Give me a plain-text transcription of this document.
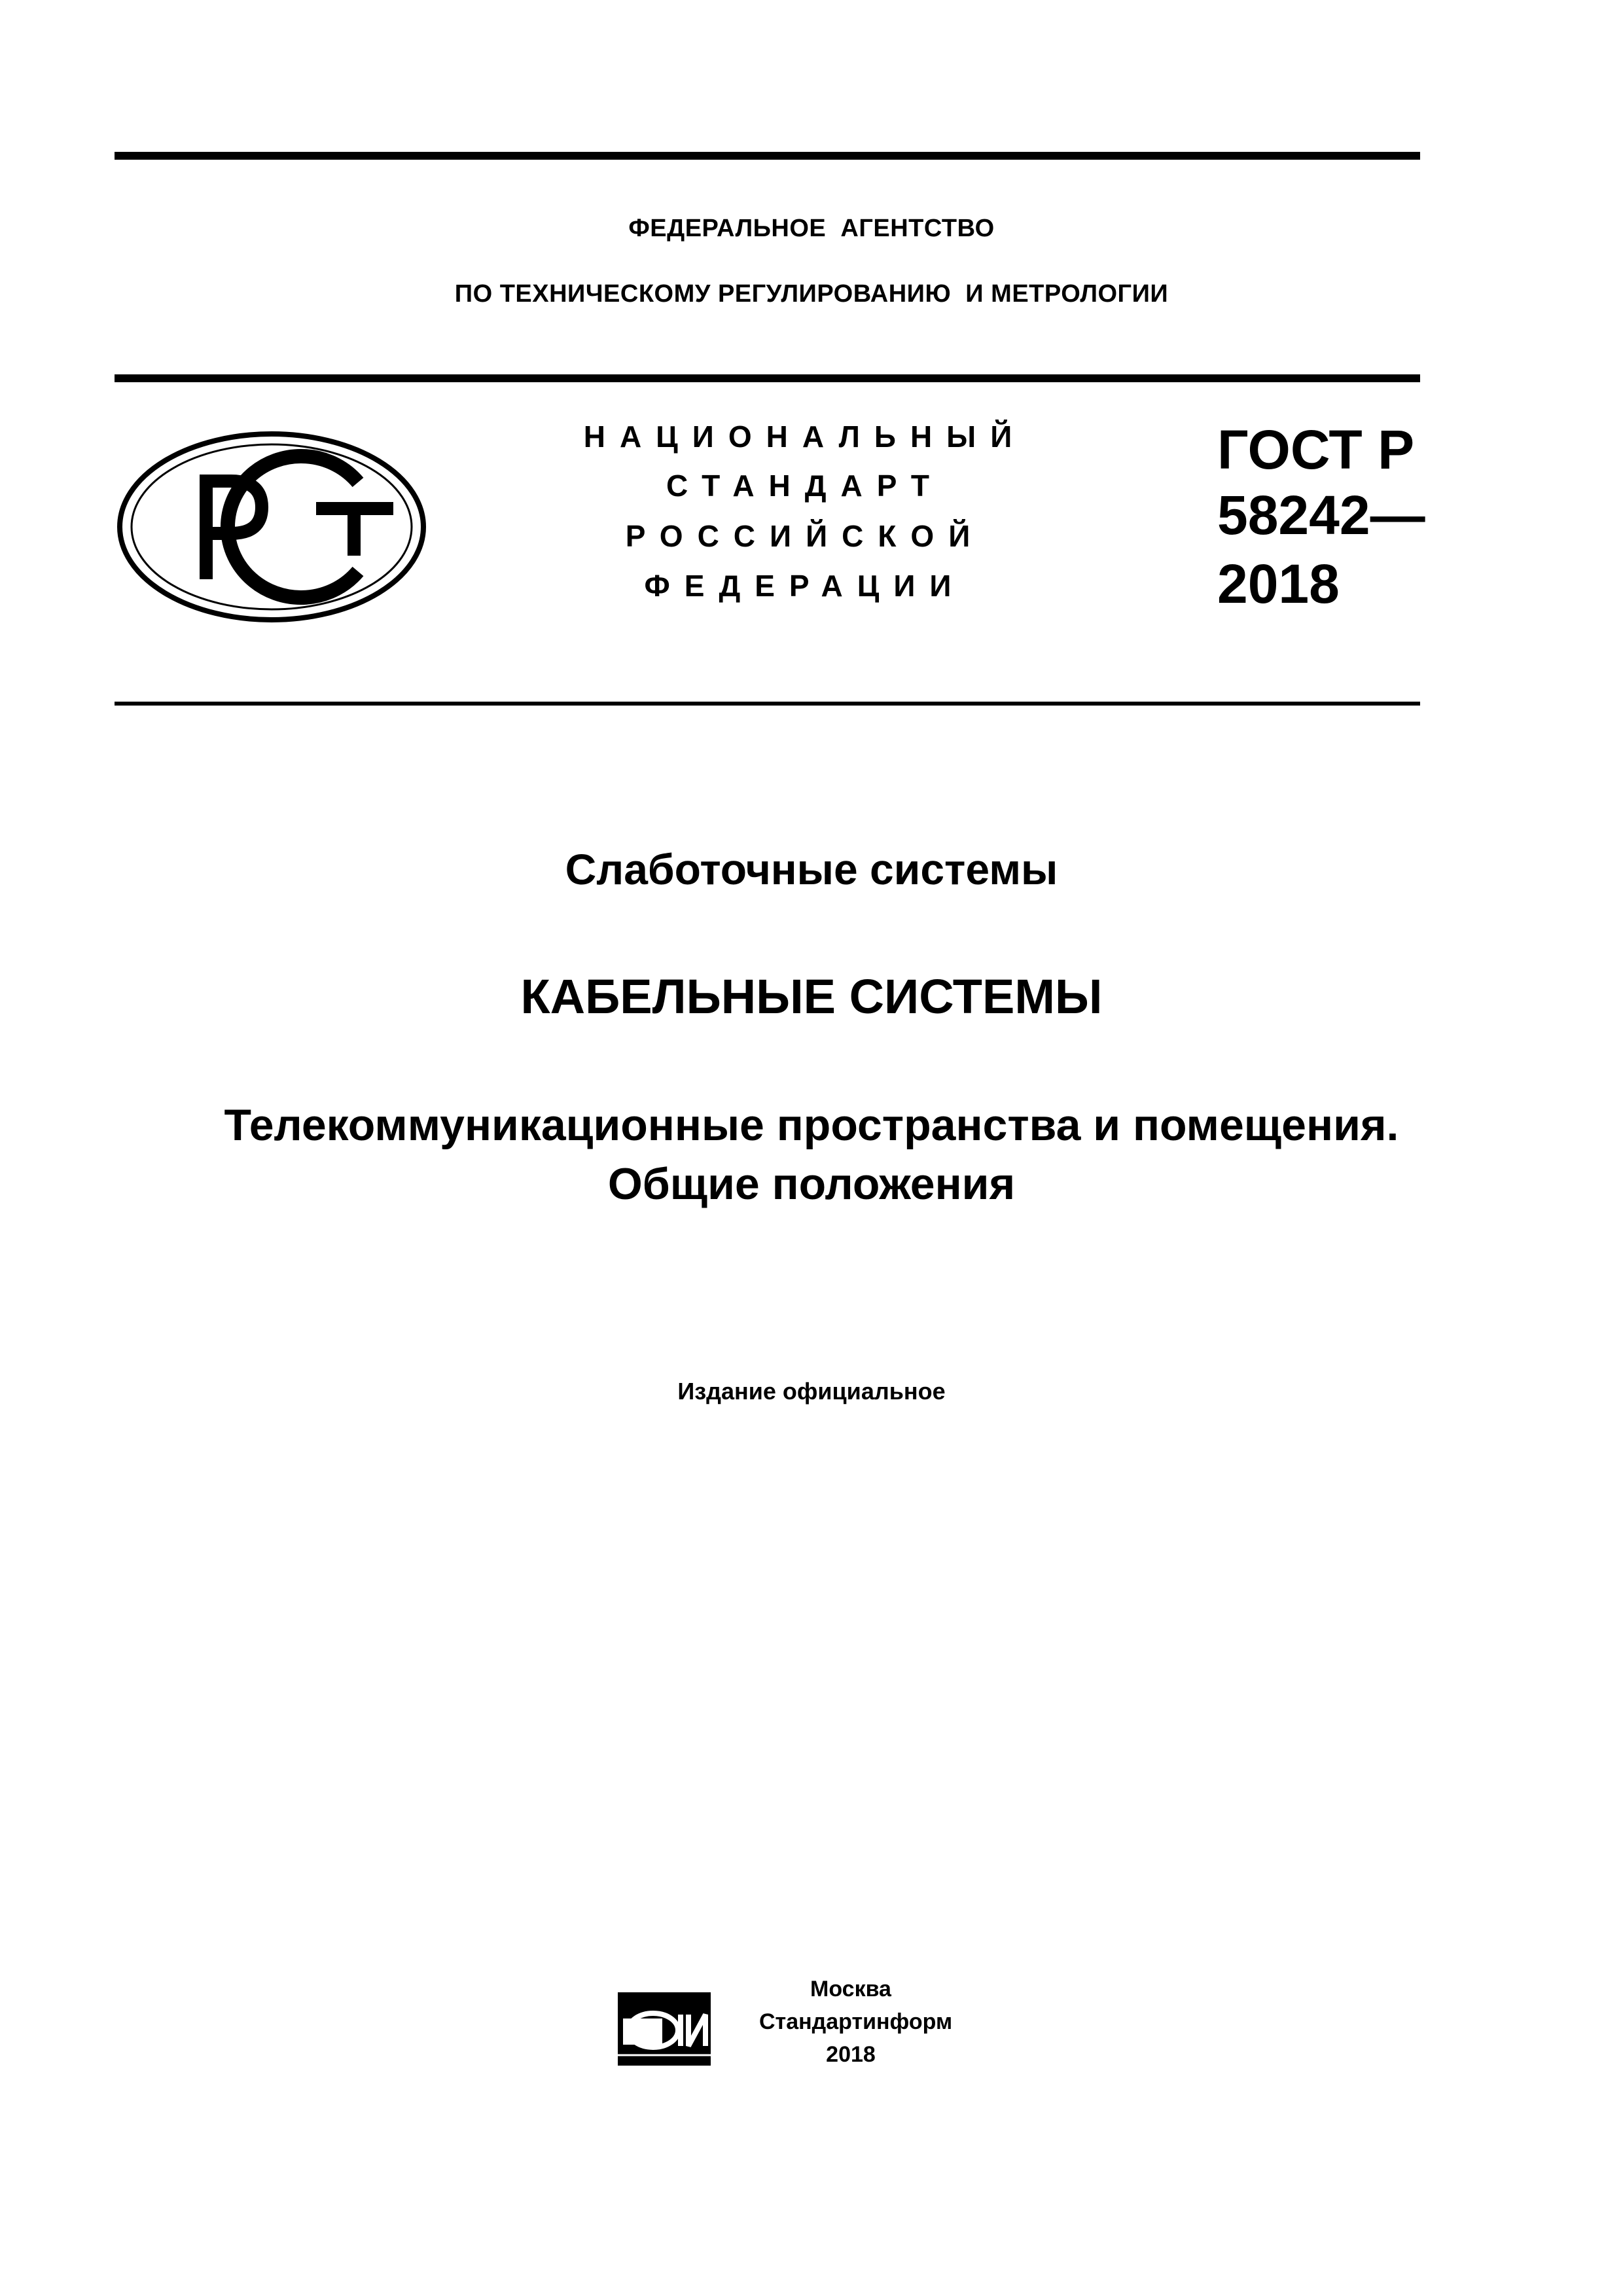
ФЕДЕРАЛЬНОЕ  АГЕНТСТВО
ПО ТЕХНИЧЕСКОМУ РЕГУЛИРОВАНИЮ  И МЕТРОЛОГИИ
НАЦИОНАЛЬНЫЙ
СТАНДАРТ
РОССИЙСКОЙ
ФЕДЕРАЦИИ
ГОСТ Р
58242—
2018
Слаботочные системы
КАБЕЛЬНЫЕ СИСТЕМЫ
Телекоммуникационные пространства и помещения.
Общие положения
Издание официальное
Москва
Стандартинформ
2018
